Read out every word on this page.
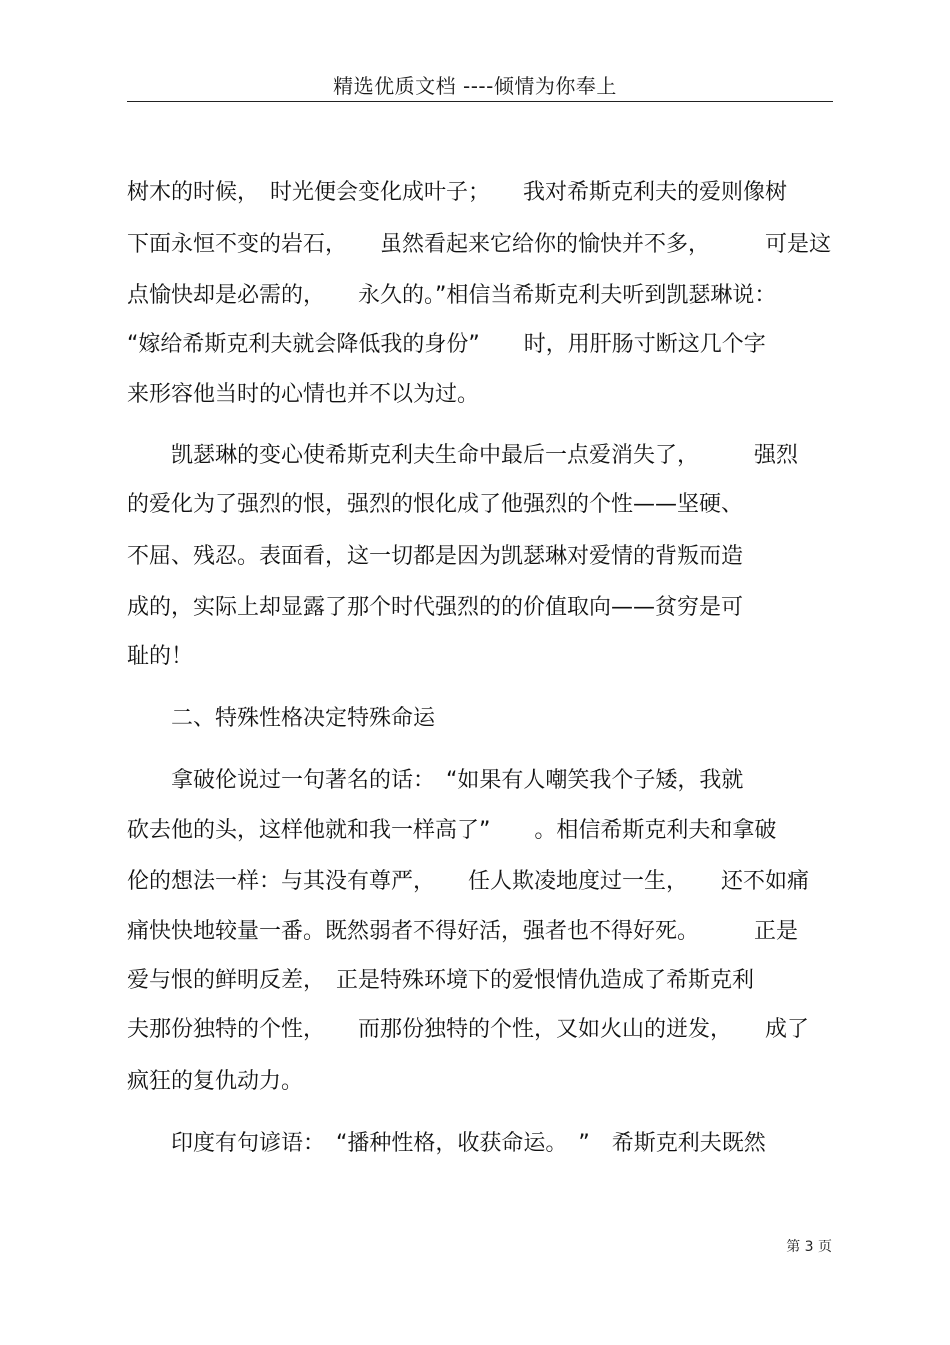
精选优质文档 ----倾情为你奉上
树木的时候，　时光便会变化成叶子；　　我对希斯克利夫的爱则像树
下面永恒不变的岩石，　　虽然看起来它给你的愉快并不多，　　　可是这
点愉快却是必需的，　　永久的。”相信当希斯克利夫听到凯瑟琳说：
“嫁给希斯克利夫就会降低我的身份”　　时，用肝肠寸断这几个字
来形容他当时的心情也并不以为过。
　　凯瑟琳的变心使希斯克利夫生命中最后一点爱消失了，　　　强烈
的爱化为了强烈的恨，强烈的恨化成了他强烈的个性——坚硬、
不屈、残忍。表面看，这一切都是因为凯瑟琳对爱情的背叛而造
成的，实际上却显露了那个时代强烈的的价值取向——贫穷是可
耻的！
　　二、特殊性格决定特殊命运
　　拿破伦说过一句著名的话：　“如果有人嘲笑我个子矮，我就
砍去他的头，这样他就和我一样高了”　　。相信希斯克利夫和拿破
伦的想法一样：与其没有尊严，　　任人欺凌地度过一生，　　还不如痛
痛快快地较量一番。既然弱者不得好活，强者也不得好死。　　　正是
爱与恨的鲜明反差，　正是特殊环境下的爱恨情仇造成了希斯克利
夫那份独特的个性，　　而那份独特的个性，又如火山的迸发，　　成了
疯狂的复仇动力。
　　印度有句谚语：　“播种性格，收获命运。　”　希斯克利夫既然
第 3 页
